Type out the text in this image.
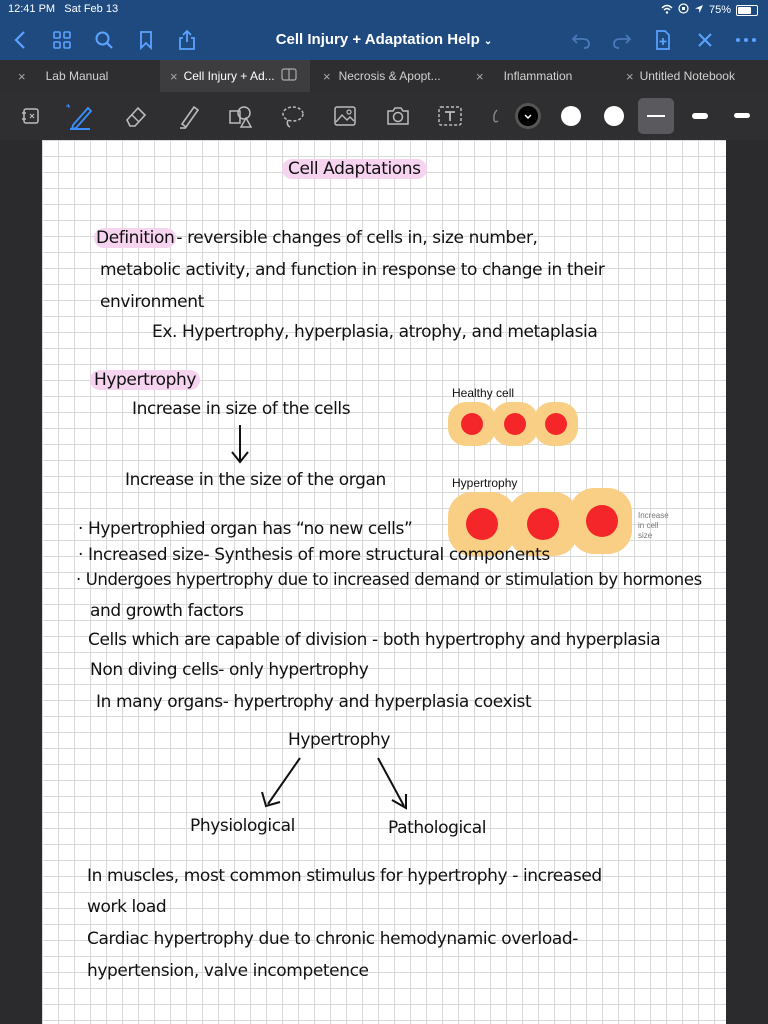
12:41 PM Sat Feb 13	75%
Cell Injury + Adaptation Help ⌄
× Lab Manual	× Cell Injury + Ad...	× Necrosis & Apopt...	× Inflammation	× Untitled Notebook
Cell Adaptations
Definition - reversible changes of cells in, size number,
metabolic activity, and function in response to change in their
environment
Ex. Hypertrophy, hyperplasia, atrophy, and metaplasia
Hypertrophy
Increase in size of the cells
Increase in the size of the organ
Healthy cell
Hypertrophy
Increase
in cell
size
· Hypertrophied organ has “no new cells”
· Increased size- Synthesis of more structural components
· Undergoes hypertrophy due to increased demand or stimulation by hormones
and growth factors
Cells which are capable of division - both hypertrophy and hyperplasia
Non diving cells- only hypertrophy
In many organs- hypertrophy and hyperplasia coexist
Hypertrophy
Physiological	Pathological
In muscles, most common stimulus for hypertrophy - increased
work load
Cardiac hypertrophy due to chronic hemodynamic overload-
hypertension, valve incompetence
